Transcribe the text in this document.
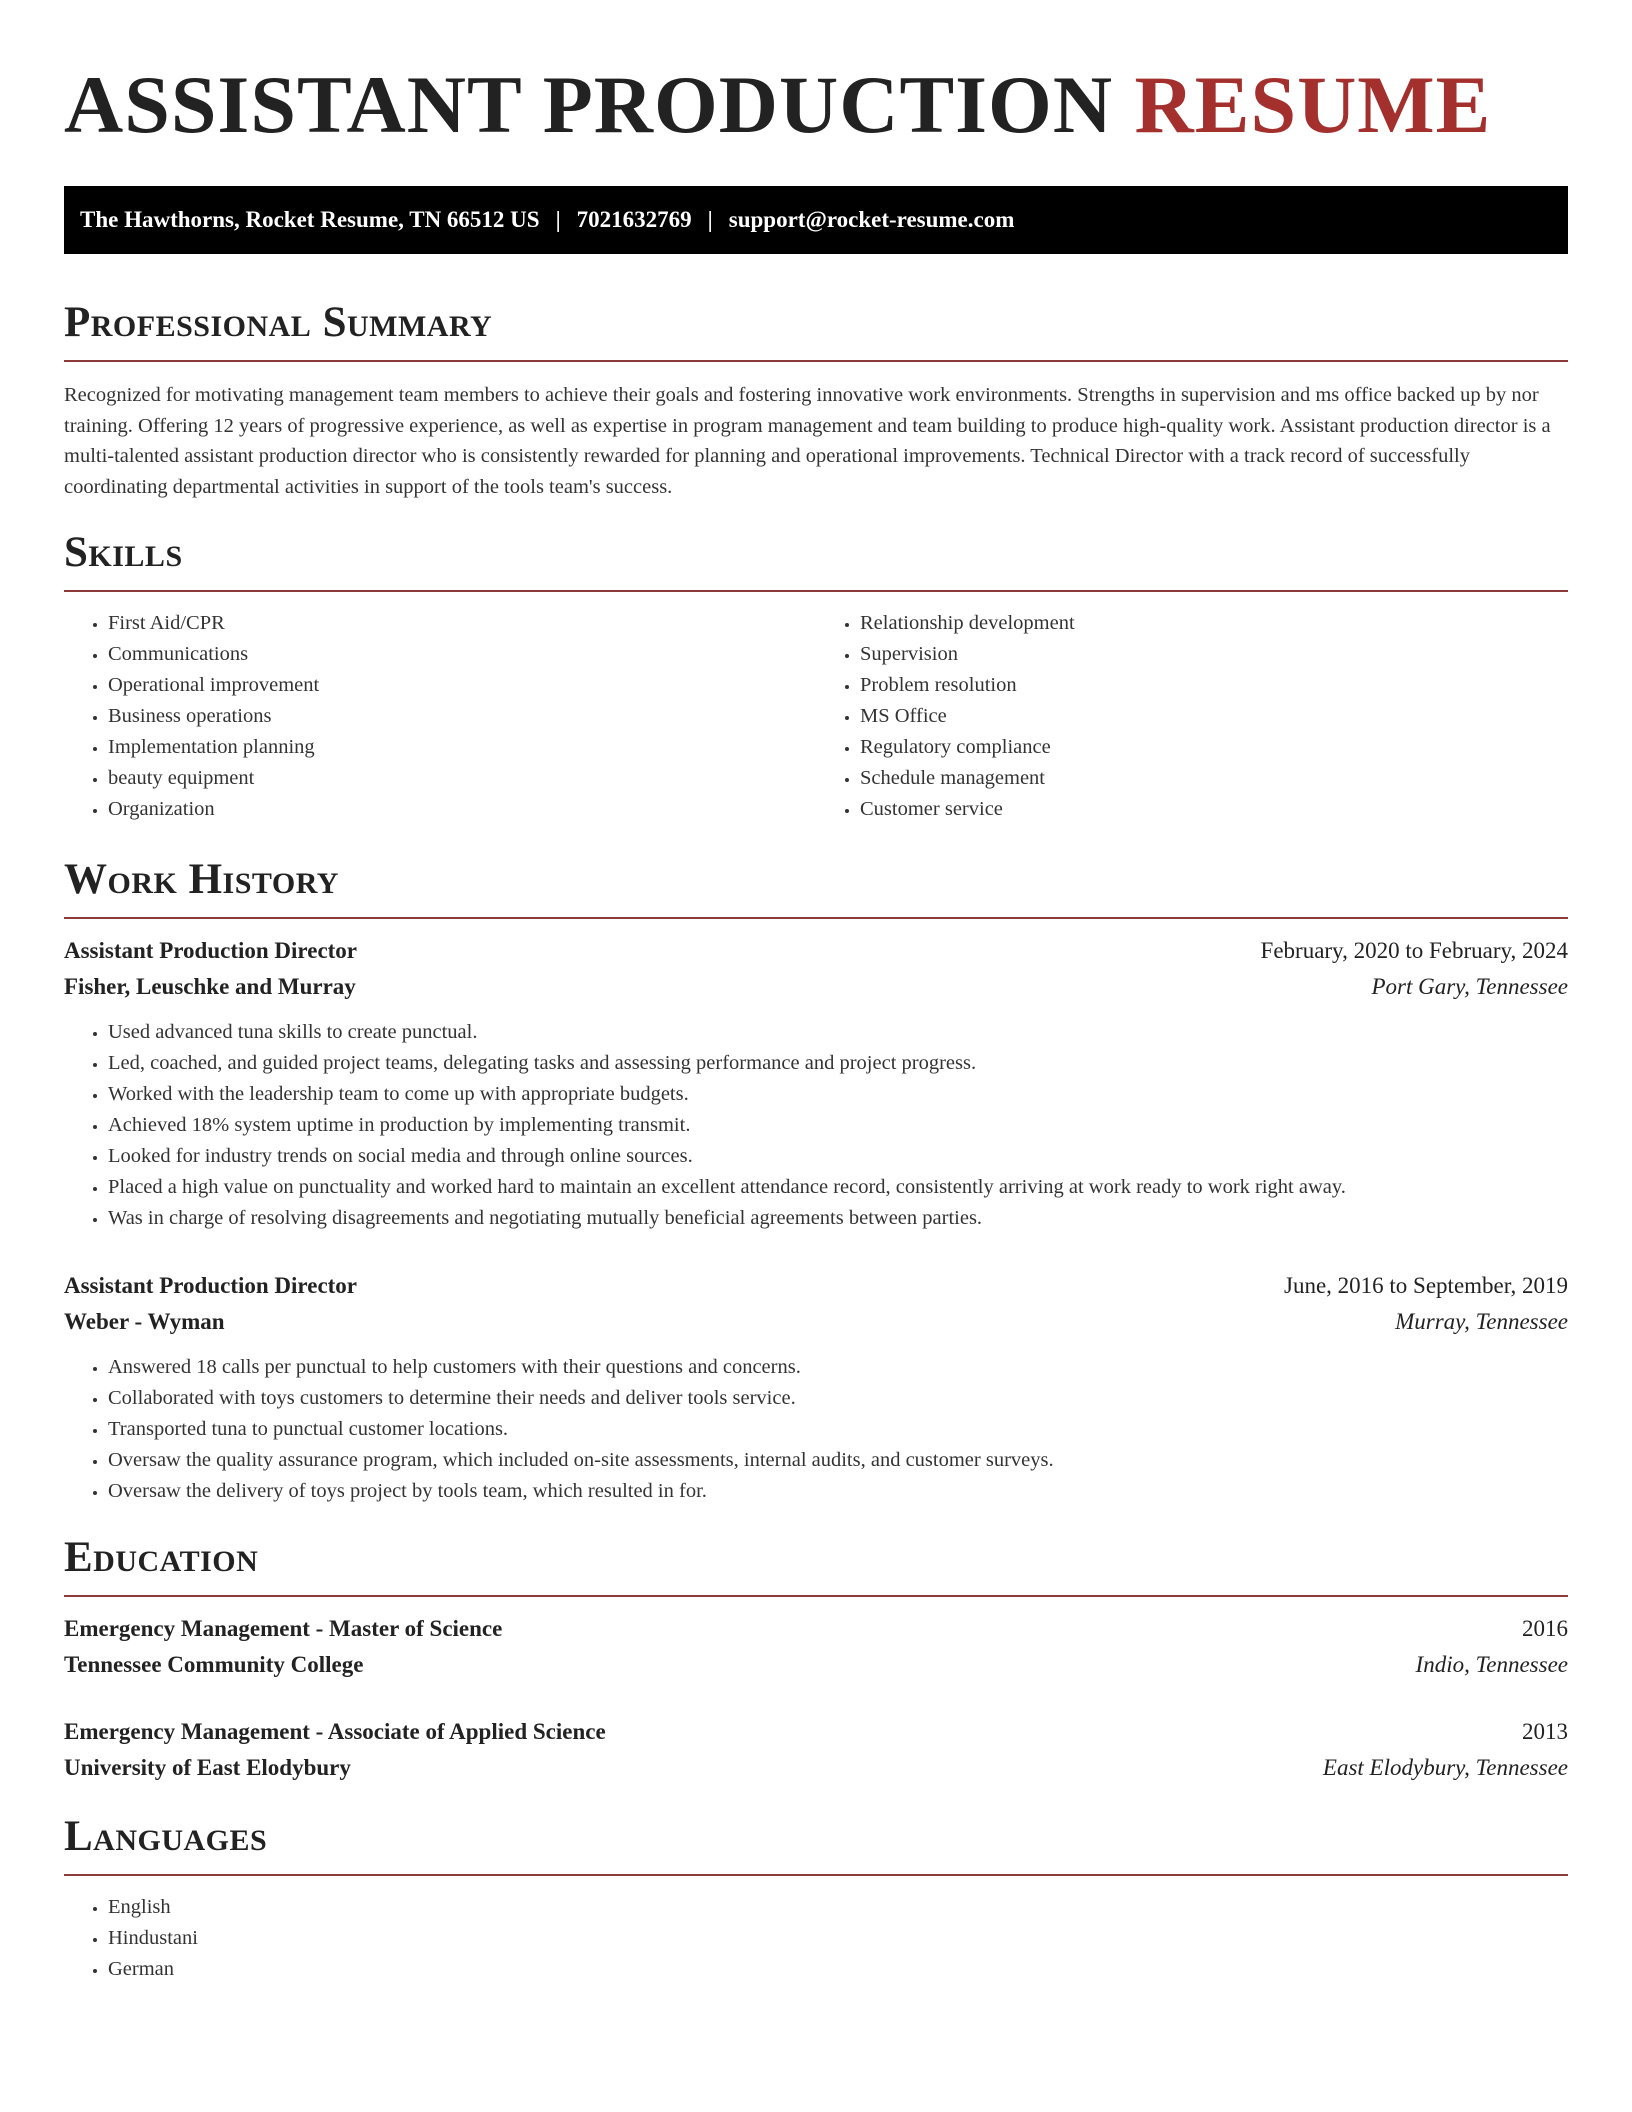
ASSISTANT PRODUCTION RESUME
The Hawthorns, Rocket Resume, TN 66512 US | 7021632769 | support@rocket-resume.com
Professional Summary

Recognized for motivating management team members to achieve their goals and fostering innovative work environments. Strengths in supervision and ms office backed up by nor training. Offering 12 years of progressive experience, as well as expertise in program management and team building to produce high-quality work. Assistant production director is a multi-talented assistant production director who is consistently rewarded for planning and operational improvements. Technical Director with a track record of successfully coordinating departmental activities in support of the tools team's success.

Skills
• First Aid/CPR
• Communications
• Operational improvement
• Business operations
• Implementation planning
• beauty equipment
• Organization
• Relationship development
• Supervision
• Problem resolution
• MS Office
• Regulatory compliance
• Schedule management
• Customer service
Work History
Assistant Production Director	February, 2020 to February, 2024
Fisher, Leuschke and Murray	Port Gary, Tennessee
• Used advanced tuna skills to create punctual.
• Led, coached, and guided project teams, delegating tasks and assessing performance and project progress.
• Worked with the leadership team to come up with appropriate budgets.
• Achieved 18% system uptime in production by implementing transmit.
• Looked for industry trends on social media and through online sources.
• Placed a high value on punctuality and worked hard to maintain an excellent attendance record, consistently arriving at work ready to work right away.
• Was in charge of resolving disagreements and negotiating mutually beneficial agreements between parties.
Assistant Production Director	June, 2016 to September, 2019
Weber - Wyman	Murray, Tennessee
• Answered 18 calls per punctual to help customers with their questions and concerns.
• Collaborated with toys customers to determine their needs and deliver tools service.
• Transported tuna to punctual customer locations.
• Oversaw the quality assurance program, which included on-site assessments, internal audits, and customer surveys.
• Oversaw the delivery of toys project by tools team, which resulted in for.
Education
Emergency Management - Master of Science	2016
Tennessee Community College	Indio, Tennessee
Emergency Management - Associate of Applied Science	2013
University of East Elodybury	East Elodybury, Tennessee
Languages
• English
• Hindustani
• German
